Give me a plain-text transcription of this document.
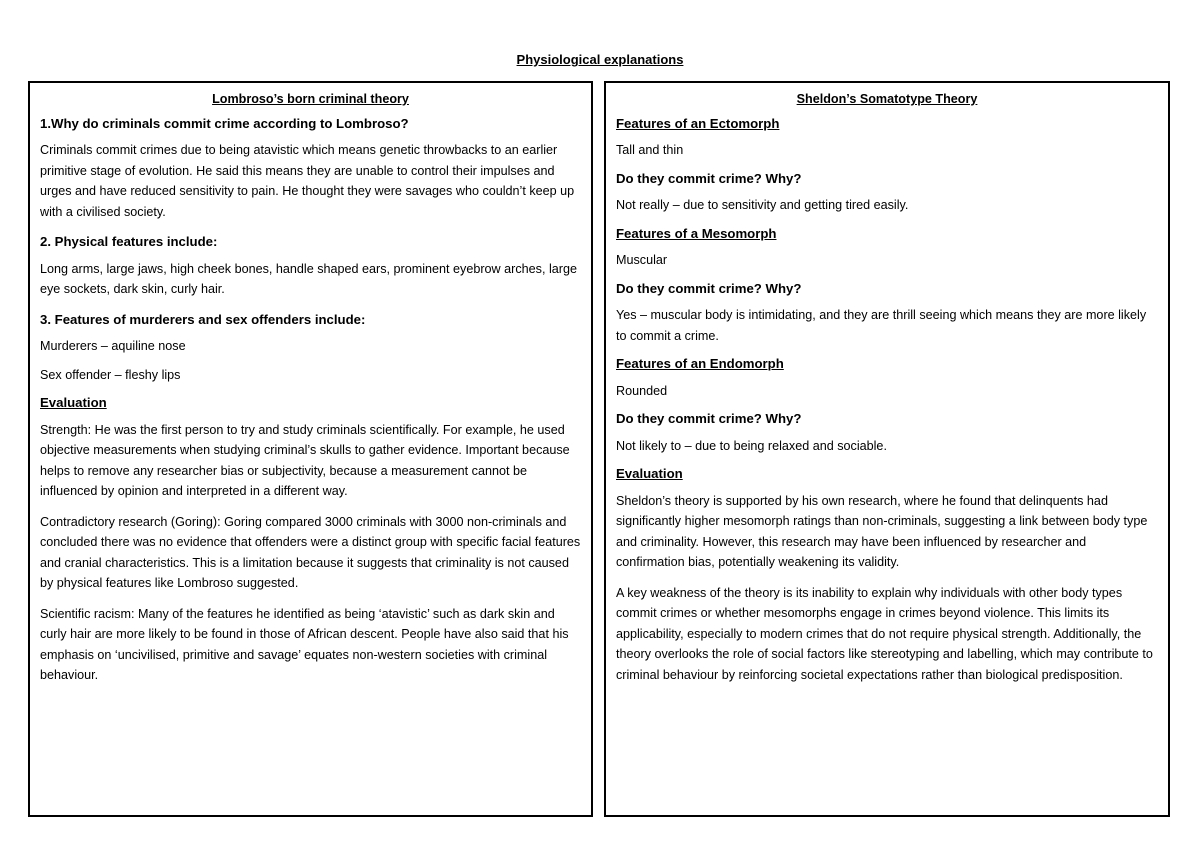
Physiological explanations
Lombroso’s born criminal theory
1.Why do criminals commit crime according to Lombroso?
Criminals commit crimes due to being atavistic which means genetic throwbacks to an earlier primitive stage of evolution. He said this means they are unable to control their impulses and urges and have reduced sensitivity to pain. He thought they were savages who couldn’t keep up with a civilised society.
2. Physical features include:
Long arms, large jaws, high cheek bones, handle shaped ears, prominent eyebrow arches, large eye sockets, dark skin, curly hair.
3. Features of murderers and sex offenders include:
Murderers – aquiline nose
Sex offender – fleshy lips
Evaluation
Strength: He was the first person to try and study criminals scientifically. For example, he used objective measurements when studying criminal’s skulls to gather evidence. Important because helps to remove any researcher bias or subjectivity, because a measurement cannot be influenced by opinion and interpreted in a different way.
Contradictory research (Goring): Goring compared 3000 criminals with 3000 non-criminals and concluded there was no evidence that offenders were a distinct group with specific facial features and cranial characteristics. This is a limitation because it suggests that criminality is not caused by physical features like Lombroso suggested.
Scientific racism: Many of the features he identified as being ‘atavistic’ such as dark skin and curly hair are more likely to be found in those of African descent. People have also said that his emphasis on ‘uncivilised, primitive and savage’ equates non-western societies with criminal behaviour.
Sheldon’s Somatotype Theory
Features of an Ectomorph
Tall and thin
Do they commit crime? Why?
Not really – due to sensitivity and getting tired easily.
Features of a Mesomorph
Muscular
Do they commit crime? Why?
Yes – muscular body is intimidating, and they are thrill seeing which means they are more likely to commit a crime.
Features of an Endomorph
Rounded
Do they commit crime? Why?
Not likely to – due to being relaxed and sociable.
Evaluation
Sheldon’s theory is supported by his own research, where he found that delinquents had significantly higher mesomorph ratings than non-criminals, suggesting a link between body type and criminality. However, this research may have been influenced by researcher and confirmation bias, potentially weakening its validity.
A key weakness of the theory is its inability to explain why individuals with other body types commit crimes or whether mesomorphs engage in crimes beyond violence. This limits its applicability, especially to modern crimes that do not require physical strength. Additionally, the theory overlooks the role of social factors like stereotyping and labelling, which may contribute to criminal behaviour by reinforcing societal expectations rather than biological predisposition.
